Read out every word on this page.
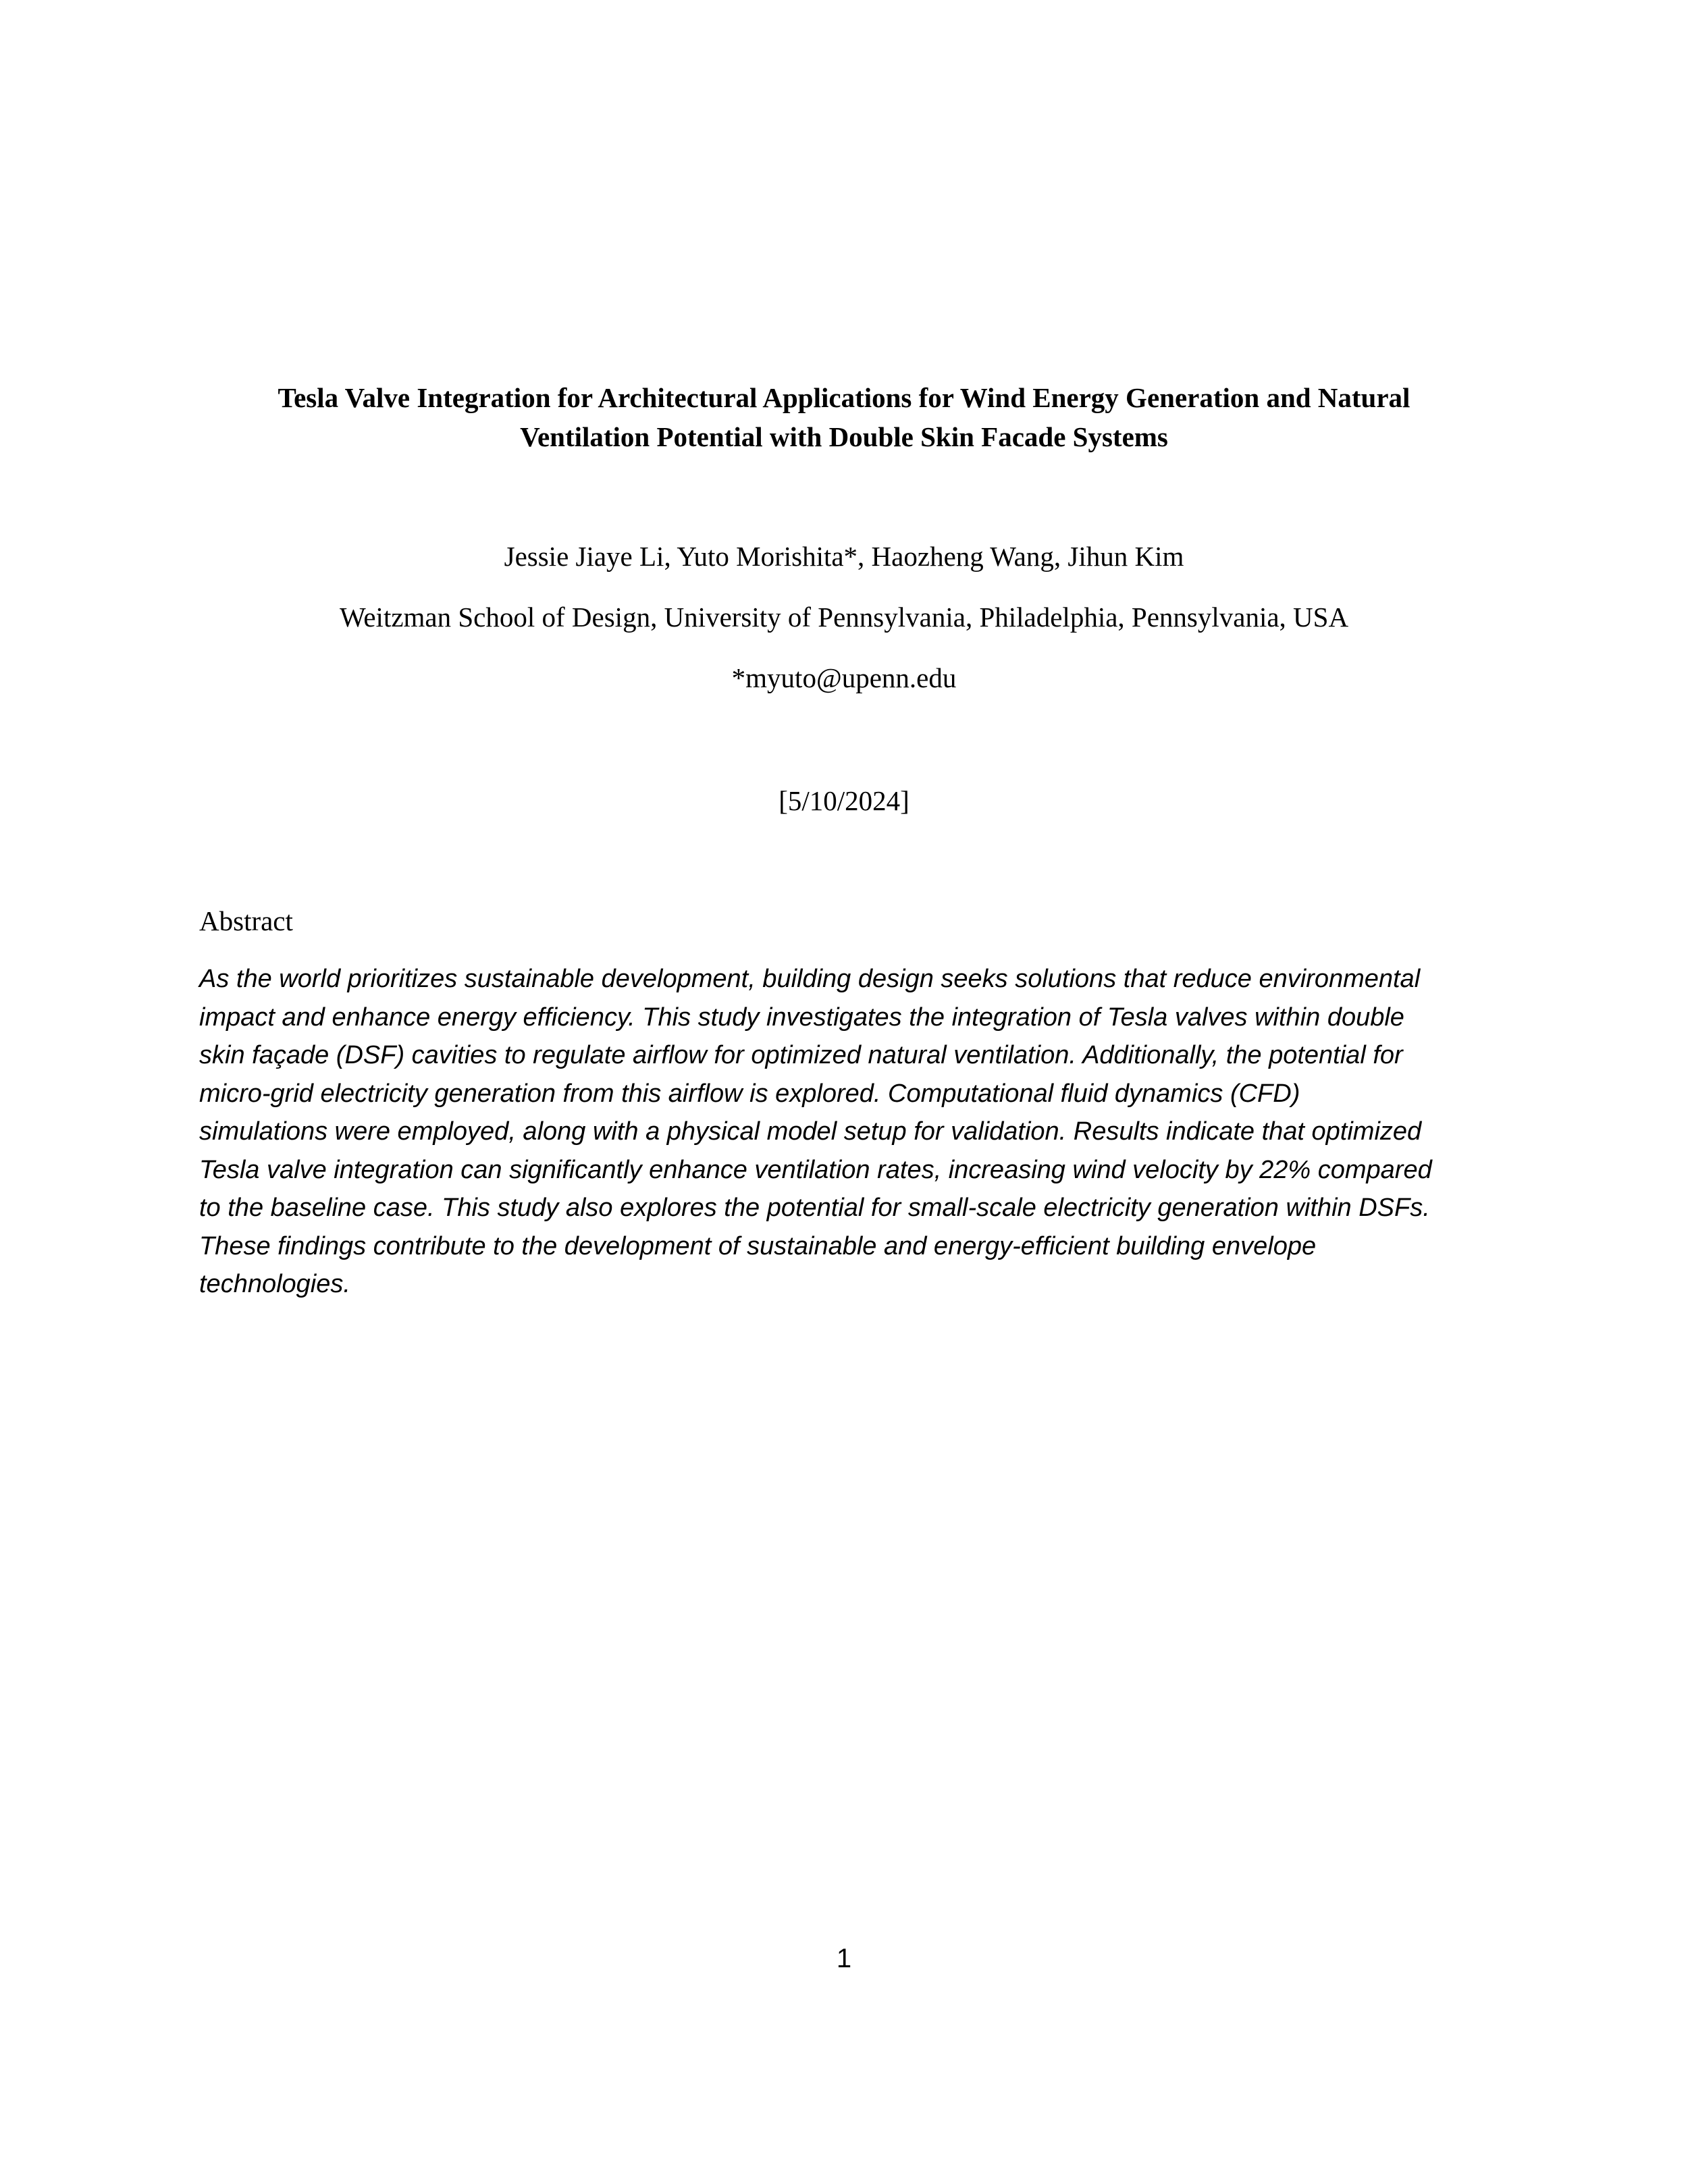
Tesla Valve Integration for Architectural Applications for Wind Energy Generation and Natural
Ventilation Potential with Double Skin Facade Systems
Jessie Jiaye Li, Yuto Morishita*, Haozheng Wang, Jihun Kim
Weitzman School of Design, University of Pennsylvania, Philadelphia, Pennsylvania, USA
*myuto@upenn.edu
[5/10/2024]
Abstract
As the world prioritizes sustainable development, building design seeks solutions that reduce environmental
impact and enhance energy efficiency. This study investigates the integration of Tesla valves within double
skin façade (DSF) cavities to regulate airflow for optimized natural ventilation. Additionally, the potential for
micro-grid electricity generation from this airflow is explored. Computational fluid dynamics (CFD)
simulations were employed, along with a physical model setup for validation. Results indicate that optimized
Tesla valve integration can significantly enhance ventilation rates, increasing wind velocity by 22% compared
to the baseline case. This study also explores the potential for small-scale electricity generation within DSFs.
These findings contribute to the development of sustainable and energy-efficient building envelope
technologies.
1
